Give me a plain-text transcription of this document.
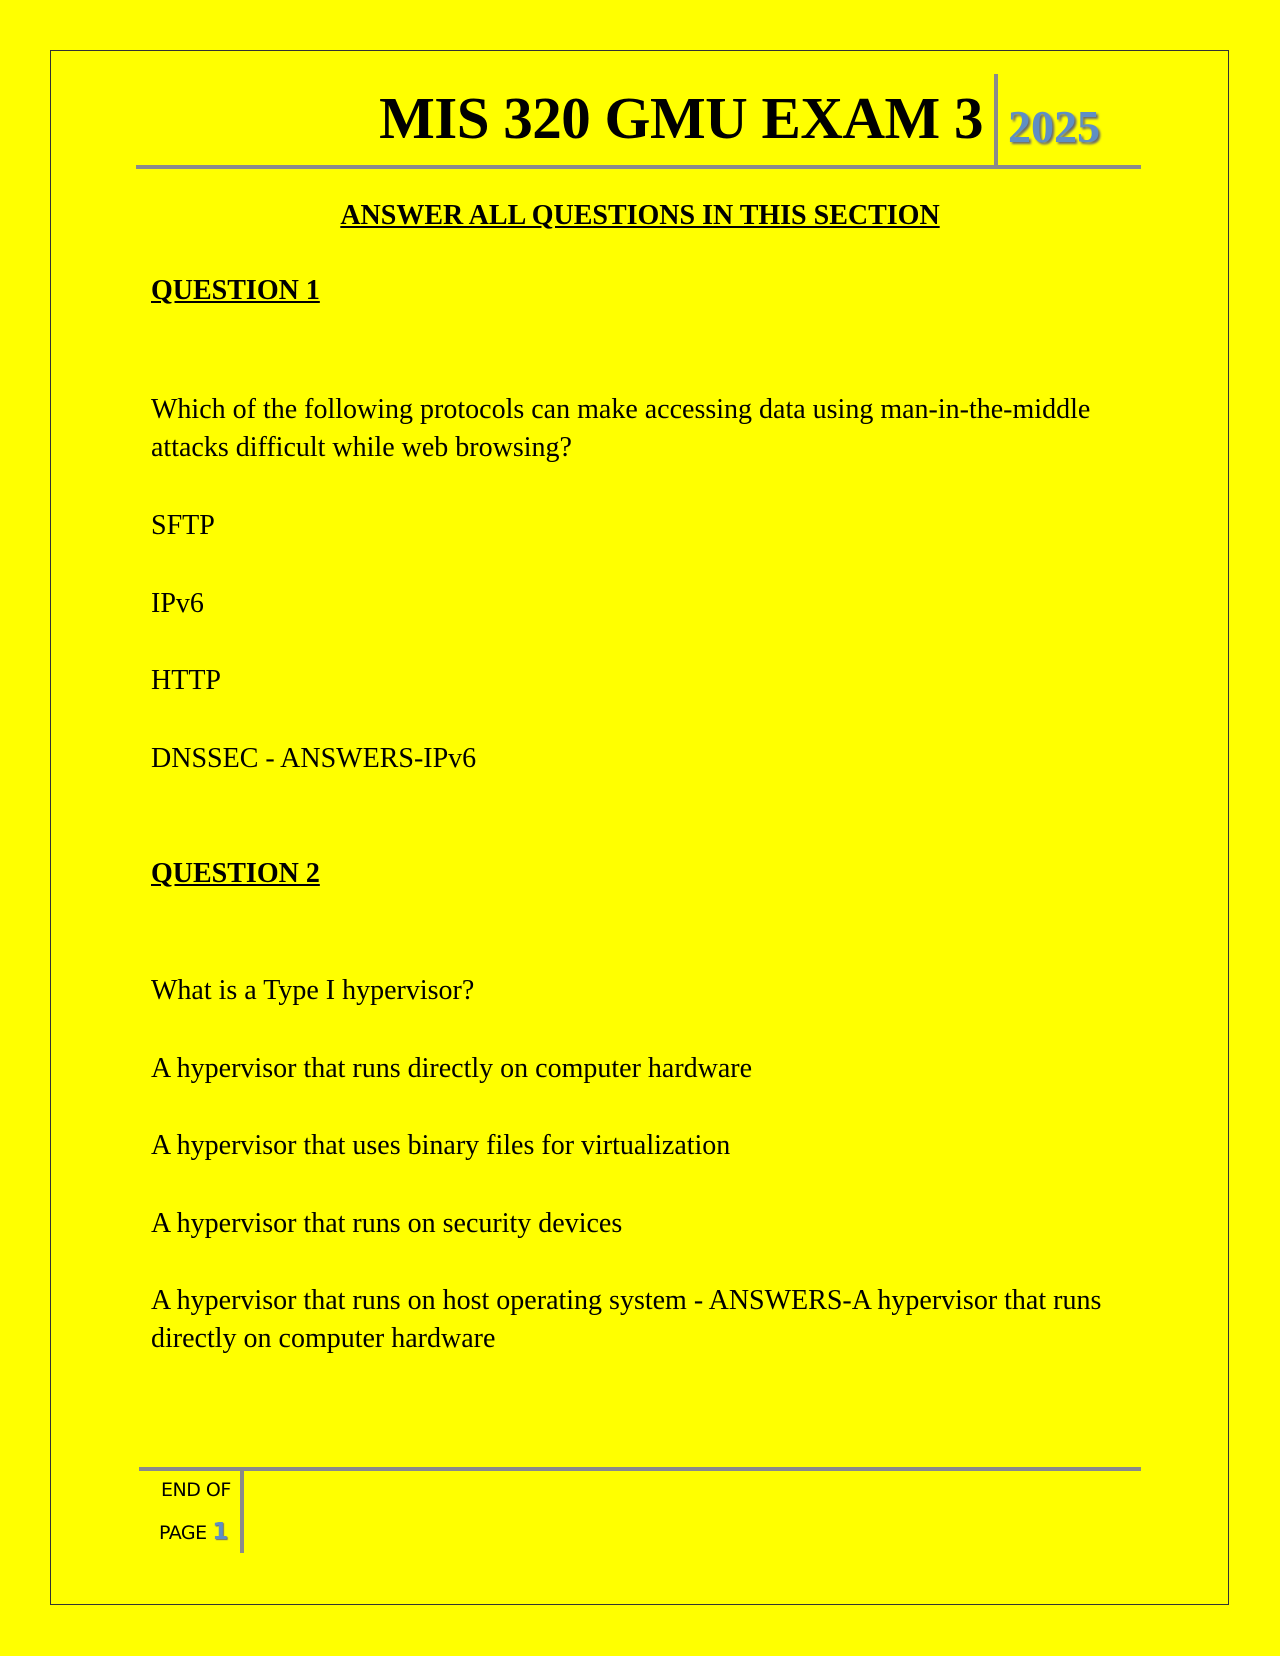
MIS 320 GMU EXAM 3 2025
ANSWER ALL QUESTIONS IN THIS SECTION
QUESTION 1
Which of the following protocols can make accessing data using man-in-the-middle attacks difficult while web browsing?
SFTP
IPv6
HTTP
DNSSEC - ANSWERS-IPv6
QUESTION 2
What is a Type I hypervisor?
A hypervisor that runs directly on computer hardware
A hypervisor that uses binary files for virtualization
A hypervisor that runs on security devices
A hypervisor that runs on host operating system - ANSWERS-A hypervisor that runs directly on computer hardware
END OF
PAGE 1
